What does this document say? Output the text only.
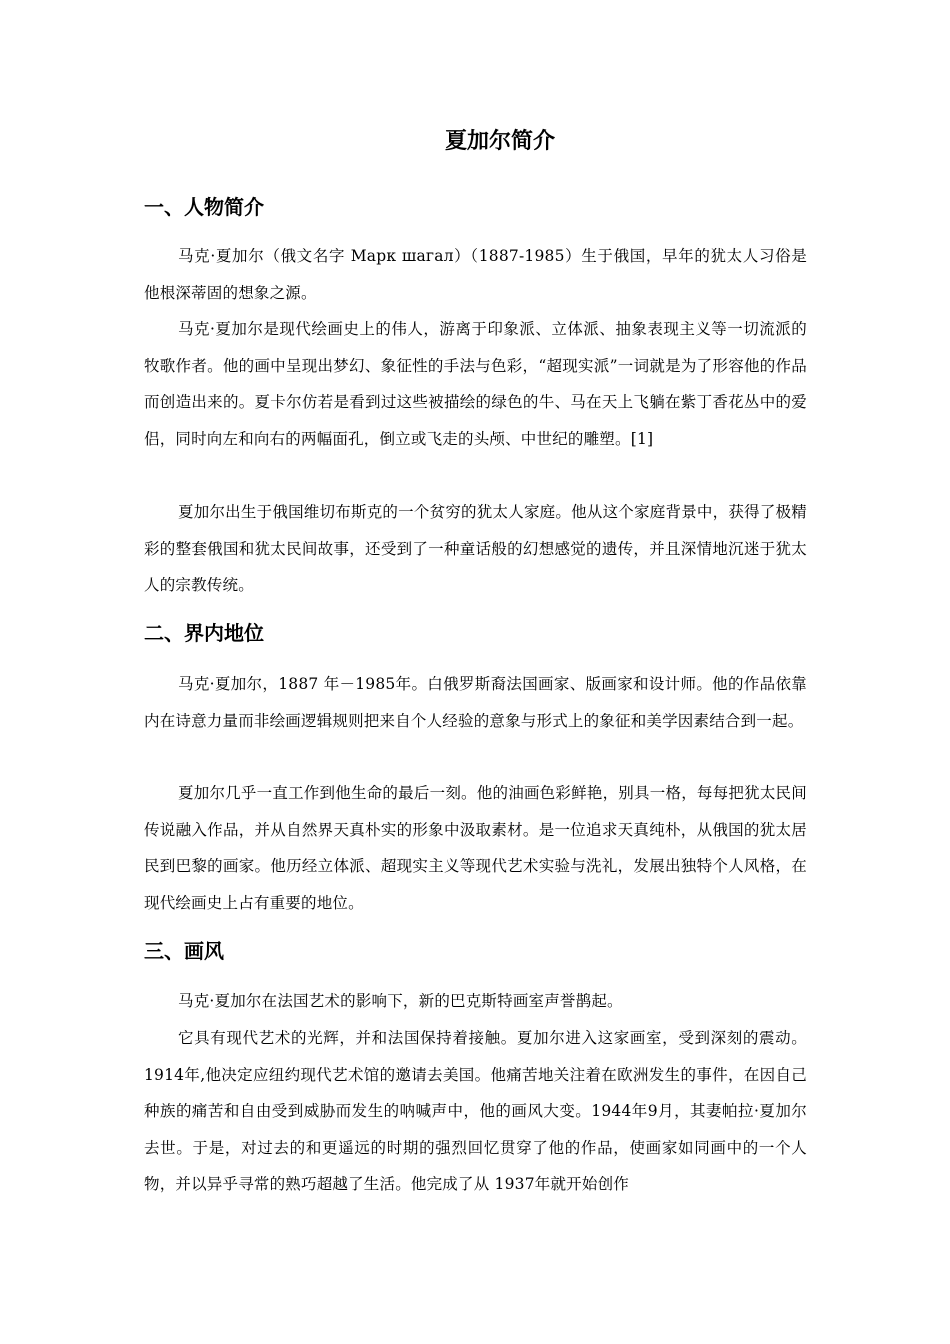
夏加尔简介
一、人物简介

马克·夏加尔（俄文名字 Марк шагал）（1887-1985）生于俄国，早年的犹太人习俗是他根深蒂固的想象之源。

马克·夏加尔是现代绘画史上的伟人，游离于印象派、立体派、抽象表现主义等一切流派的牧歌作者。他的画中呈现出梦幻、象征性的手法与色彩，“超现实派”一词就是为了形容他的作品而创造出来的。夏卡尔仿若是看到过这些被描绘的绿色的牛、马在天上飞躺在紫丁香花丛中的爱侣，同时向左和向右的两幅面孔，倒立或飞走的头颅、中世纪的雕塑。[1]

夏加尔出生于俄国维切布斯克的一个贫穷的犹太人家庭。他从这个家庭背景中，获得了极精彩的整套俄国和犹太民间故事，还受到了一种童话般的幻想感觉的遗传，并且深情地沉迷于犹太人的宗教传统。

二、界内地位

马克·夏加尔，1887 年－1985年。白俄罗斯裔法国画家、版画家和设计师。他的作品依靠内在诗意力量而非绘画逻辑规则把来自个人经验的意象与形式上的象征和美学因素结合到一起。

夏加尔几乎一直工作到他生命的最后一刻。他的油画色彩鲜艳，别具一格，每每把犹太民间传说融入作品，并从自然界天真朴实的形象中汲取素材。是一位追求天真纯朴，从俄国的犹太居民到巴黎的画家。他历经立体派、超现实主义等现代艺术实验与洗礼，发展出独特个人风格，在现代绘画史上占有重要的地位。

三、画风

马克·夏加尔在法国艺术的影响下，新的巴克斯特画室声誉鹊起。

它具有现代艺术的光辉，并和法国保持着接触。夏加尔进入这家画室，受到深刻的震动。1914年,他决定应纽约现代艺术馆的邀请去美国。他痛苦地关注着在欧洲发生的事件，在因自己种族的痛苦和自由受到威胁而发生的呐喊声中，他的画风大变。1944年9月，其妻帕拉·夏加尔去世。于是，对过去的和更遥远的时期的强烈回忆贯穿了他的作品，使画家如同画中的一个人物，并以异乎寻常的熟巧超越了生活。他完成了从 1937年就开始创作
